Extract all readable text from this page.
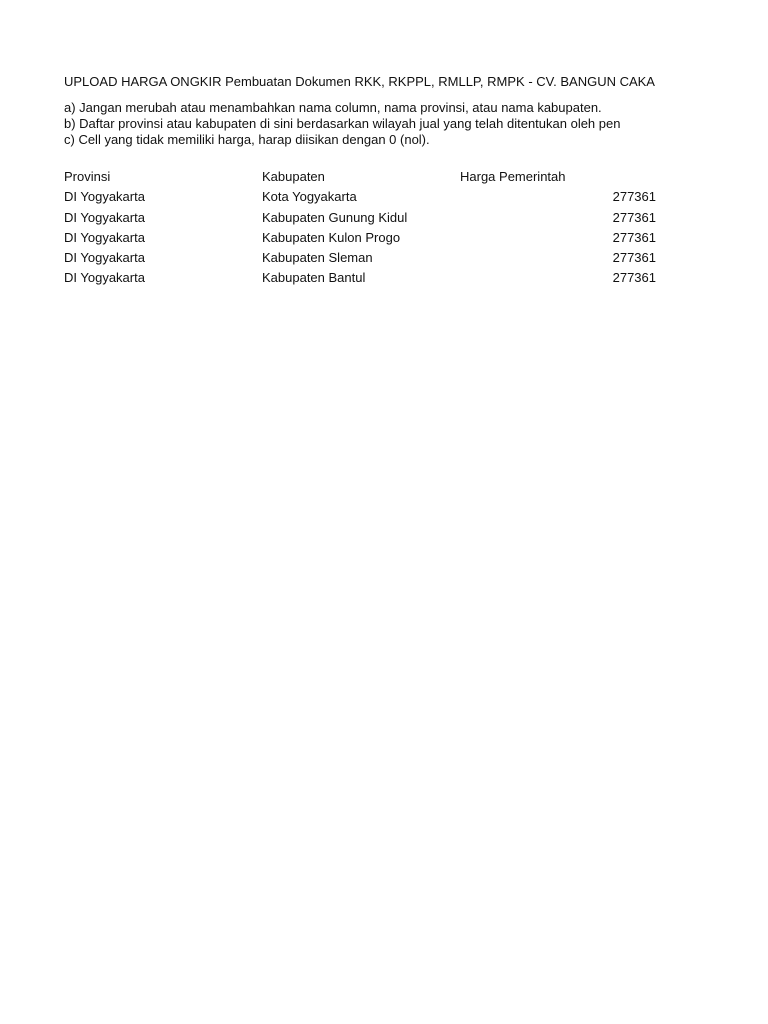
UPLOAD HARGA ONGKIR Pembuatan Dokumen RKK, RKPPL, RMLLP, RMPK - CV. BANGUN CAKA
a) Jangan merubah atau menambahkan nama column, nama provinsi, atau nama kabupaten.
b) Daftar provinsi atau kabupaten di sini berdasarkan wilayah jual yang telah ditentukan oleh pen
c) Cell yang tidak memiliki harga, harap diisikan dengan 0 (nol).
Provinsi	Kabupaten	Harga Pemerintah
DI Yogyakarta	Kota Yogyakarta	277361
DI Yogyakarta	Kabupaten Gunung Kidul	277361
DI Yogyakarta	Kabupaten Kulon Progo	277361
DI Yogyakarta	Kabupaten Sleman	277361
DI Yogyakarta	Kabupaten Bantul	277361
